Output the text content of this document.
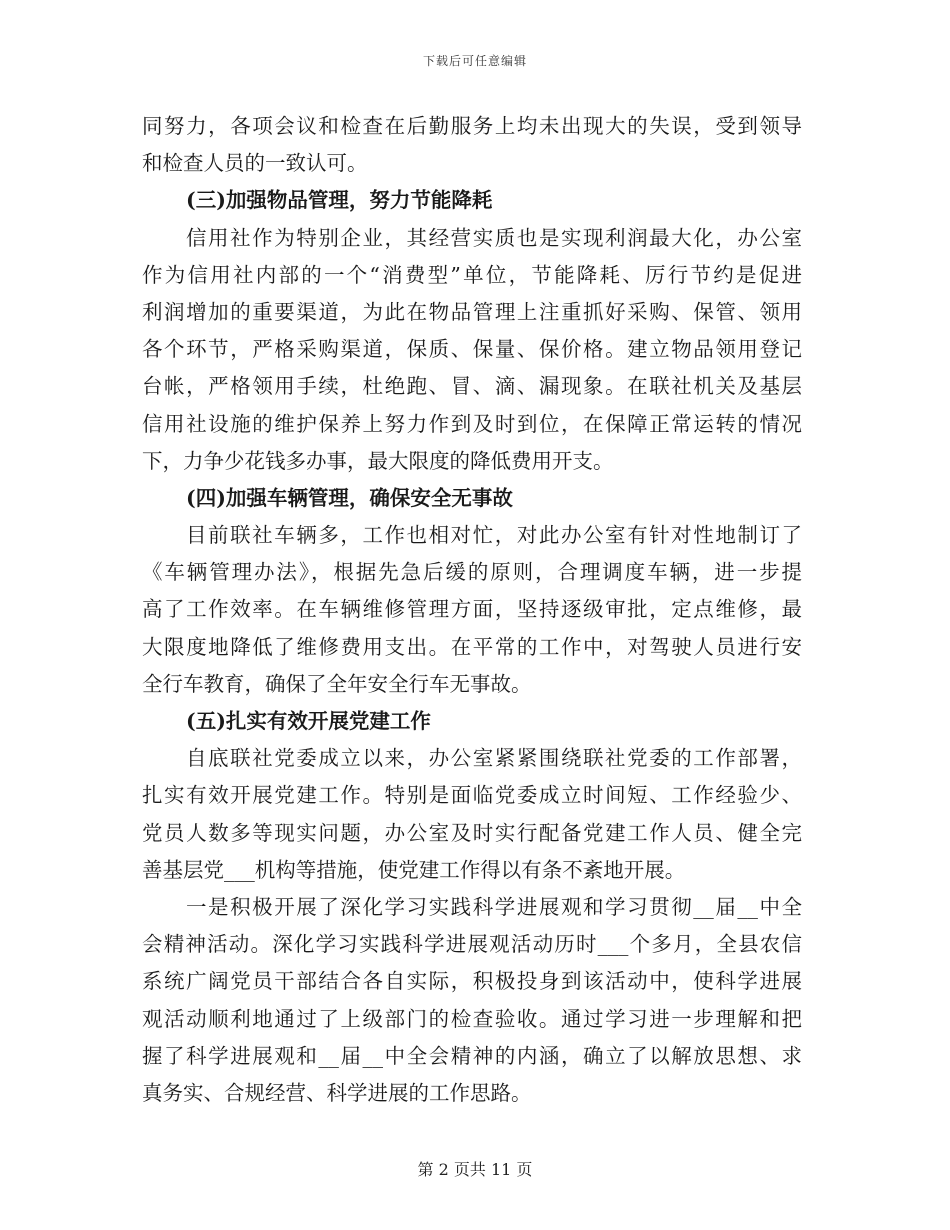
下载后可任意编辑
同努力，各项会议和检查在后勤服务上均未出现大的失误，受到领导
和检查人员的一致认可。
(三)加强物品管理，努力节能降耗
信用社作为特别企业，其经营实质也是实现利润最大化，办公室
作为信用社内部的一个“消费型”单位，节能降耗、厉行节约是促进
利润增加的重要渠道，为此在物品管理上注重抓好采购、保管、领用
各个环节，严格采购渠道，保质、保量、保价格。建立物品领用登记
台帐，严格领用手续，杜绝跑、冒、滴、漏现象。在联社机关及基层
信用社设施的维护保养上努力作到及时到位，在保障正常运转的情况
下，力争少花钱多办事，最大限度的降低费用开支。
(四)加强车辆管理，确保安全无事故
目前联社车辆多，工作也相对忙，对此办公室有针对性地制订了
《车辆管理办法》，根据先急后缓的原则，合理调度车辆，进一步提
高了工作效率。在车辆维修管理方面，坚持逐级审批，定点维修，最
大限度地降低了维修费用支出。在平常的工作中，对驾驶人员进行安
全行车教育，确保了全年安全行车无事故。
(五)扎实有效开展党建工作
自底联社党委成立以来，办公室紧紧围绕联社党委的工作部署，
扎实有效开展党建工作。特别是面临党委成立时间短、工作经验少、
党员人数多等现实问题，办公室及时实行配备党建工作人员、健全完
善基层党___机构等措施，使党建工作得以有条不紊地开展。
一是积极开展了深化学习实践科学进展观和学习贯彻__届__中全
会精神活动。深化学习实践科学进展观活动历时___个多月，全县农信
系统广阔党员干部结合各自实际，积极投身到该活动中，使科学进展
观活动顺利地通过了上级部门的检查验收。通过学习进一步理解和把
握了科学进展观和__届__中全会精神的内涵，确立了以解放思想、求
真务实、合规经营、科学进展的工作思路。
第 2 页共 11 页
